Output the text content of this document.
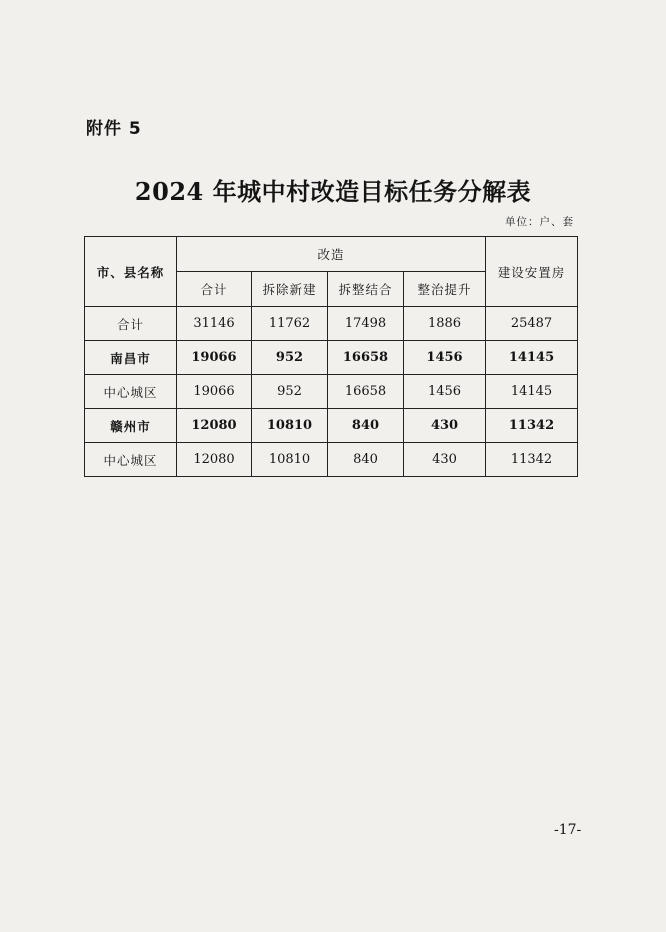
附件 5
2024 年城中村改造目标任务分解表
单位：户、套
市、县名称	改造				建设安置房
	合计	拆除新建	拆整结合	整治提升	
合计	31146	11762	17498	1886	25487
南昌市	19066	952	16658	1456	14145
中心城区	19066	952	16658	1456	14145
赣州市	12080	10810	840	430	11342
中心城区	12080	10810	840	430	11342
-17-
